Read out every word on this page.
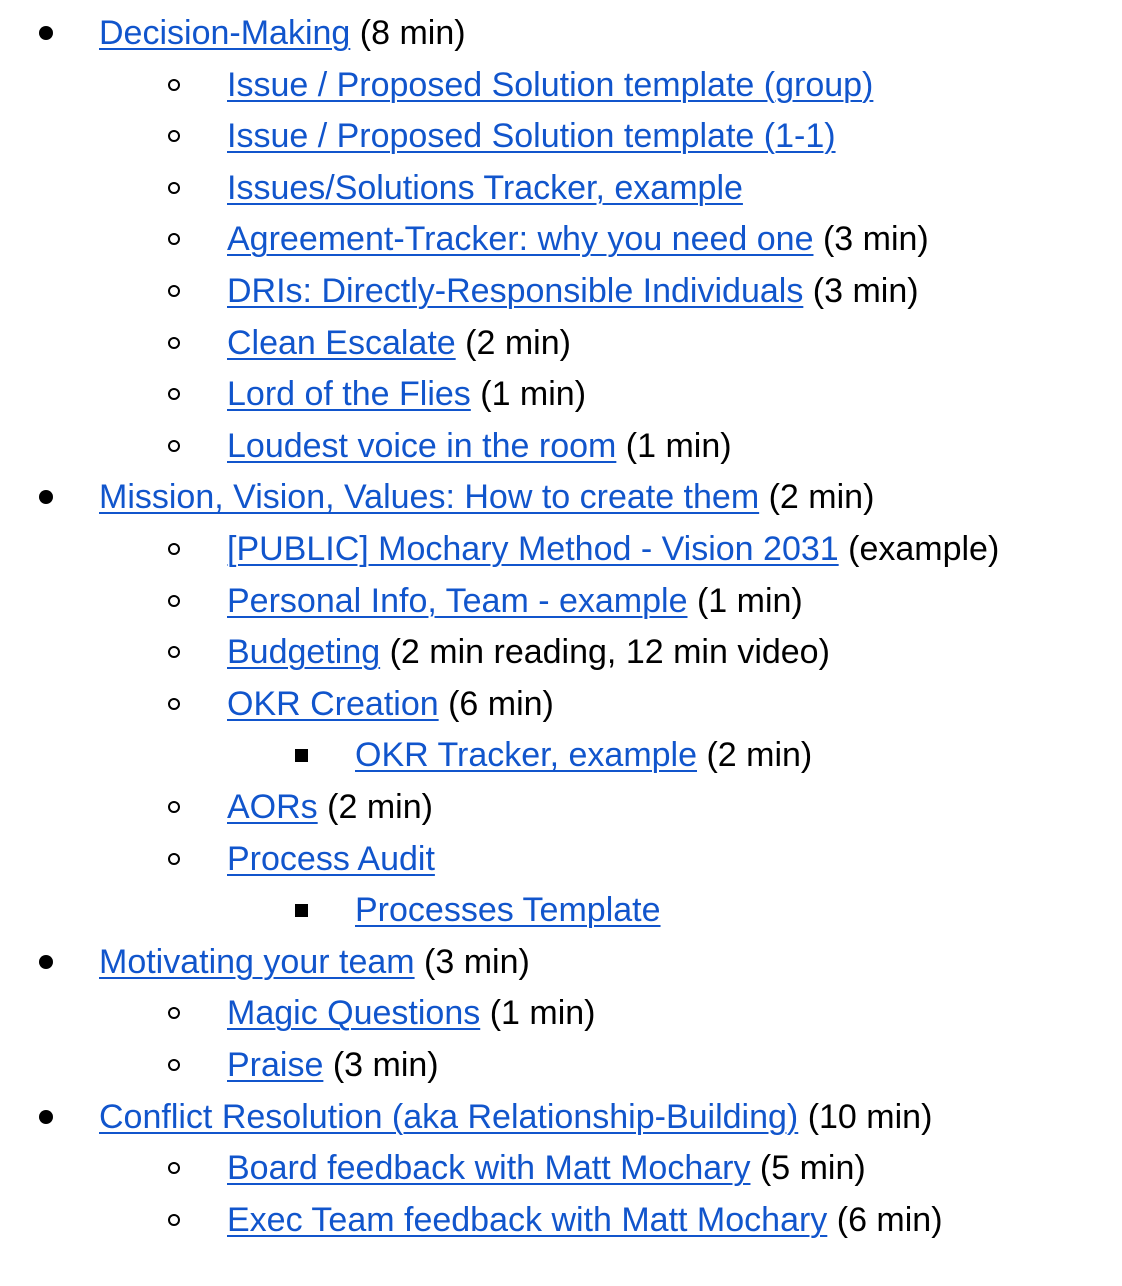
Decision-Making (8 min)
Issue / Proposed Solution template (group)
Issue / Proposed Solution template (1-1)
Issues/Solutions Tracker, example
Agreement-Tracker: why you need one (3 min)
DRIs: Directly-Responsible Individuals (3 min)
Clean Escalate (2 min)
Lord of the Flies (1 min)
Loudest voice in the room (1 min)
Mission, Vision, Values: How to create them (2 min)
[PUBLIC] Mochary Method - Vision 2031 (example)
Personal Info, Team - example (1 min)
Budgeting (2 min reading, 12 min video)
OKR Creation (6 min)
OKR Tracker, example (2 min)
AORs (2 min)
Process Audit
Processes Template
Motivating your team (3 min)
Magic Questions (1 min)
Praise (3 min)
Conflict Resolution (aka Relationship-Building) (10 min)
Board feedback with Matt Mochary (5 min)
Exec Team feedback with Matt Mochary (6 min)
